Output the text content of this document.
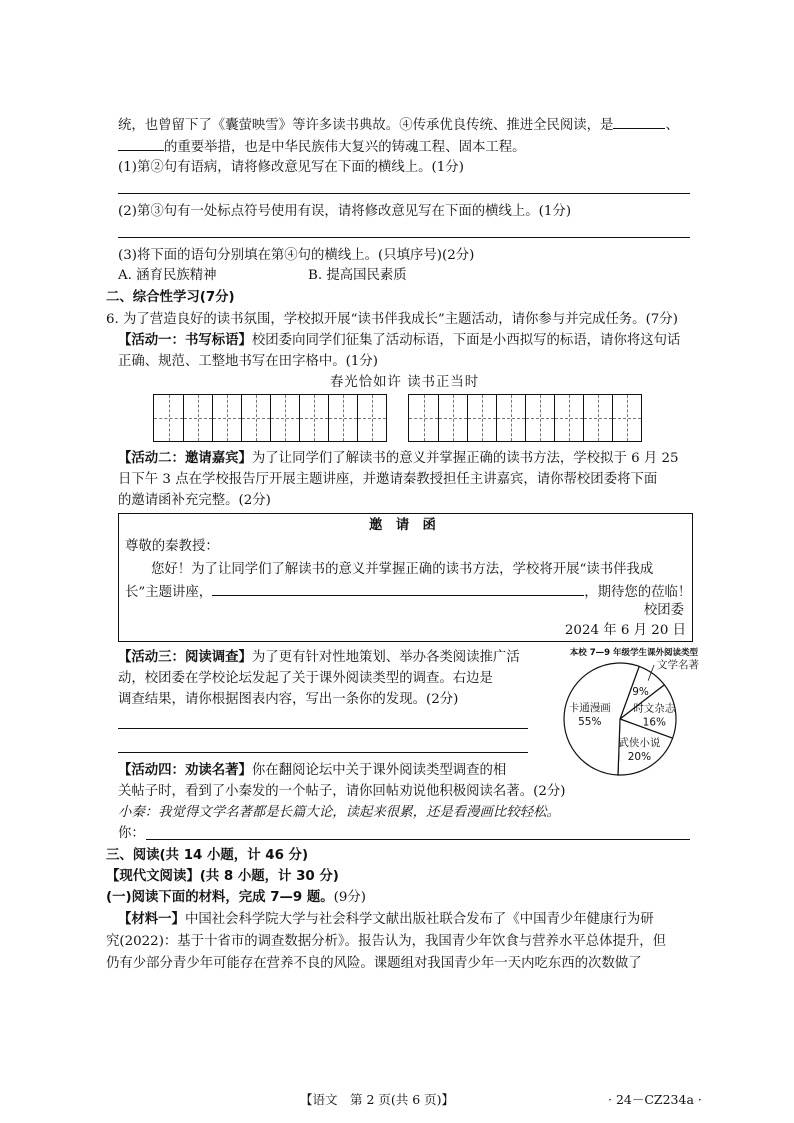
统，也曾留下了《囊萤映雪》等许多读书典故。④传承优良传统、推进全民阅读，是	、
的重要举措，也是中华民族伟大复兴的铸魂工程、固本工程。
(1)第②句有语病，请将修改意见写在下面的横线上。(1分)
(2)第③句有一处标点符号使用有误，请将修改意见写在下面的横线上。(1分)
(3)将下面的语句分别填在第④句的横线上。(只填序号)(2分)
A. 涵育民族精神	B. 提高国民素质
二、综合性学习(7分)
6. 为了营造良好的读书氛围，学校拟开展“读书伴我成长”主题活动，请你参与并完成任务。(7分)
【活动一：书写标语】校团委向同学们征集了活动标语，下面是小西拟写的标语，请你将这句话
正确、规范、工整地书写在田字格中。(1分)
春光恰如许 读书正当时
【活动二：邀请嘉宾】为了让同学们了解读书的意义并掌握正确的读书方法，学校拟于 6 月 25
日下午 3 点在学校报告厅开展主题讲座，并邀请秦教授担任主讲嘉宾，请你帮校团委将下面
的邀请函补充完整。(2分)
邀　请　函
尊敬的秦教授：
您好！为了让同学们了解读书的意义并掌握正确的读书方法，学校将开展“读书伴我成
长”主题讲座，	，期待您的莅临！
校团委
2024 年 6 月 20 日
【活动三：阅读调查】为了更有针对性地策划、举办各类阅读推广活
动，校团委在学校论坛发起了关于课外阅读类型的调查。右边是
调查结果，请你根据图表内容，写出一条你的发现。(2分)
本校 7—9 年级学生课外阅读类型
9%
文学名著
时文杂志
16%
武侠小说
20%
卡通漫画
55%
【活动四：劝读名著】你在翻阅论坛中关于课外阅读类型调查的相
关帖子时，看到了小秦发的一个帖子，请你回帖劝说他积极阅读名著。(2分)
小秦：我觉得文学名著都是长篇大论，读起来很累，还是看漫画比较轻松。
你：
三、阅读(共 14 小题，计 46 分)
【现代文阅读】(共 8 小题，计 30 分)
(一)阅读下面的材料，完成 7—9 题。(9分)
【材料一】中国社会科学院大学与社会科学文献出版社联合发布了《中国青少年健康行为研
究(2022)：基于十省市的调查数据分析》。报告认为，我国青少年饮食与营养水平总体提升，但
仍有少部分青少年可能存在营养不良的风险。课题组对我国青少年一天内吃东西的次数做了
【语文　第 2 页(共 6 页)】	· 24－CZ234a ·
